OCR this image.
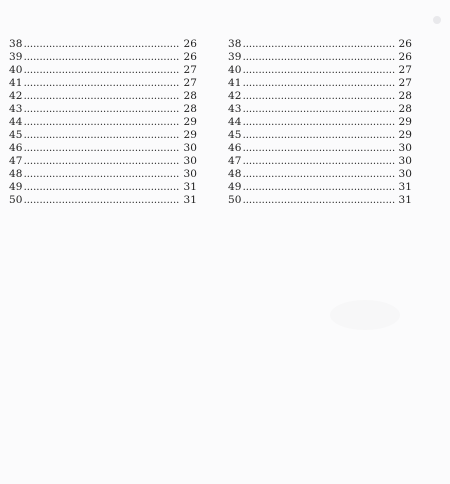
38 .....	26
39 .....	26
40 .....	27
41 .....	27
42 .....	28
43 .....	28
44 .....	29
45 .....	29
46 .....	30
47 .....	30
48 .....	30
49 .....	31
50 .....	31
38 .....	26
39 .....	26
40 .....	27
41 .....	27
42 .....	28
43 .....	28
44 .....	29
45 .....	29
46 .....	30
47 .....	30
48 .....	30
49 .....	31
50 .....	31
